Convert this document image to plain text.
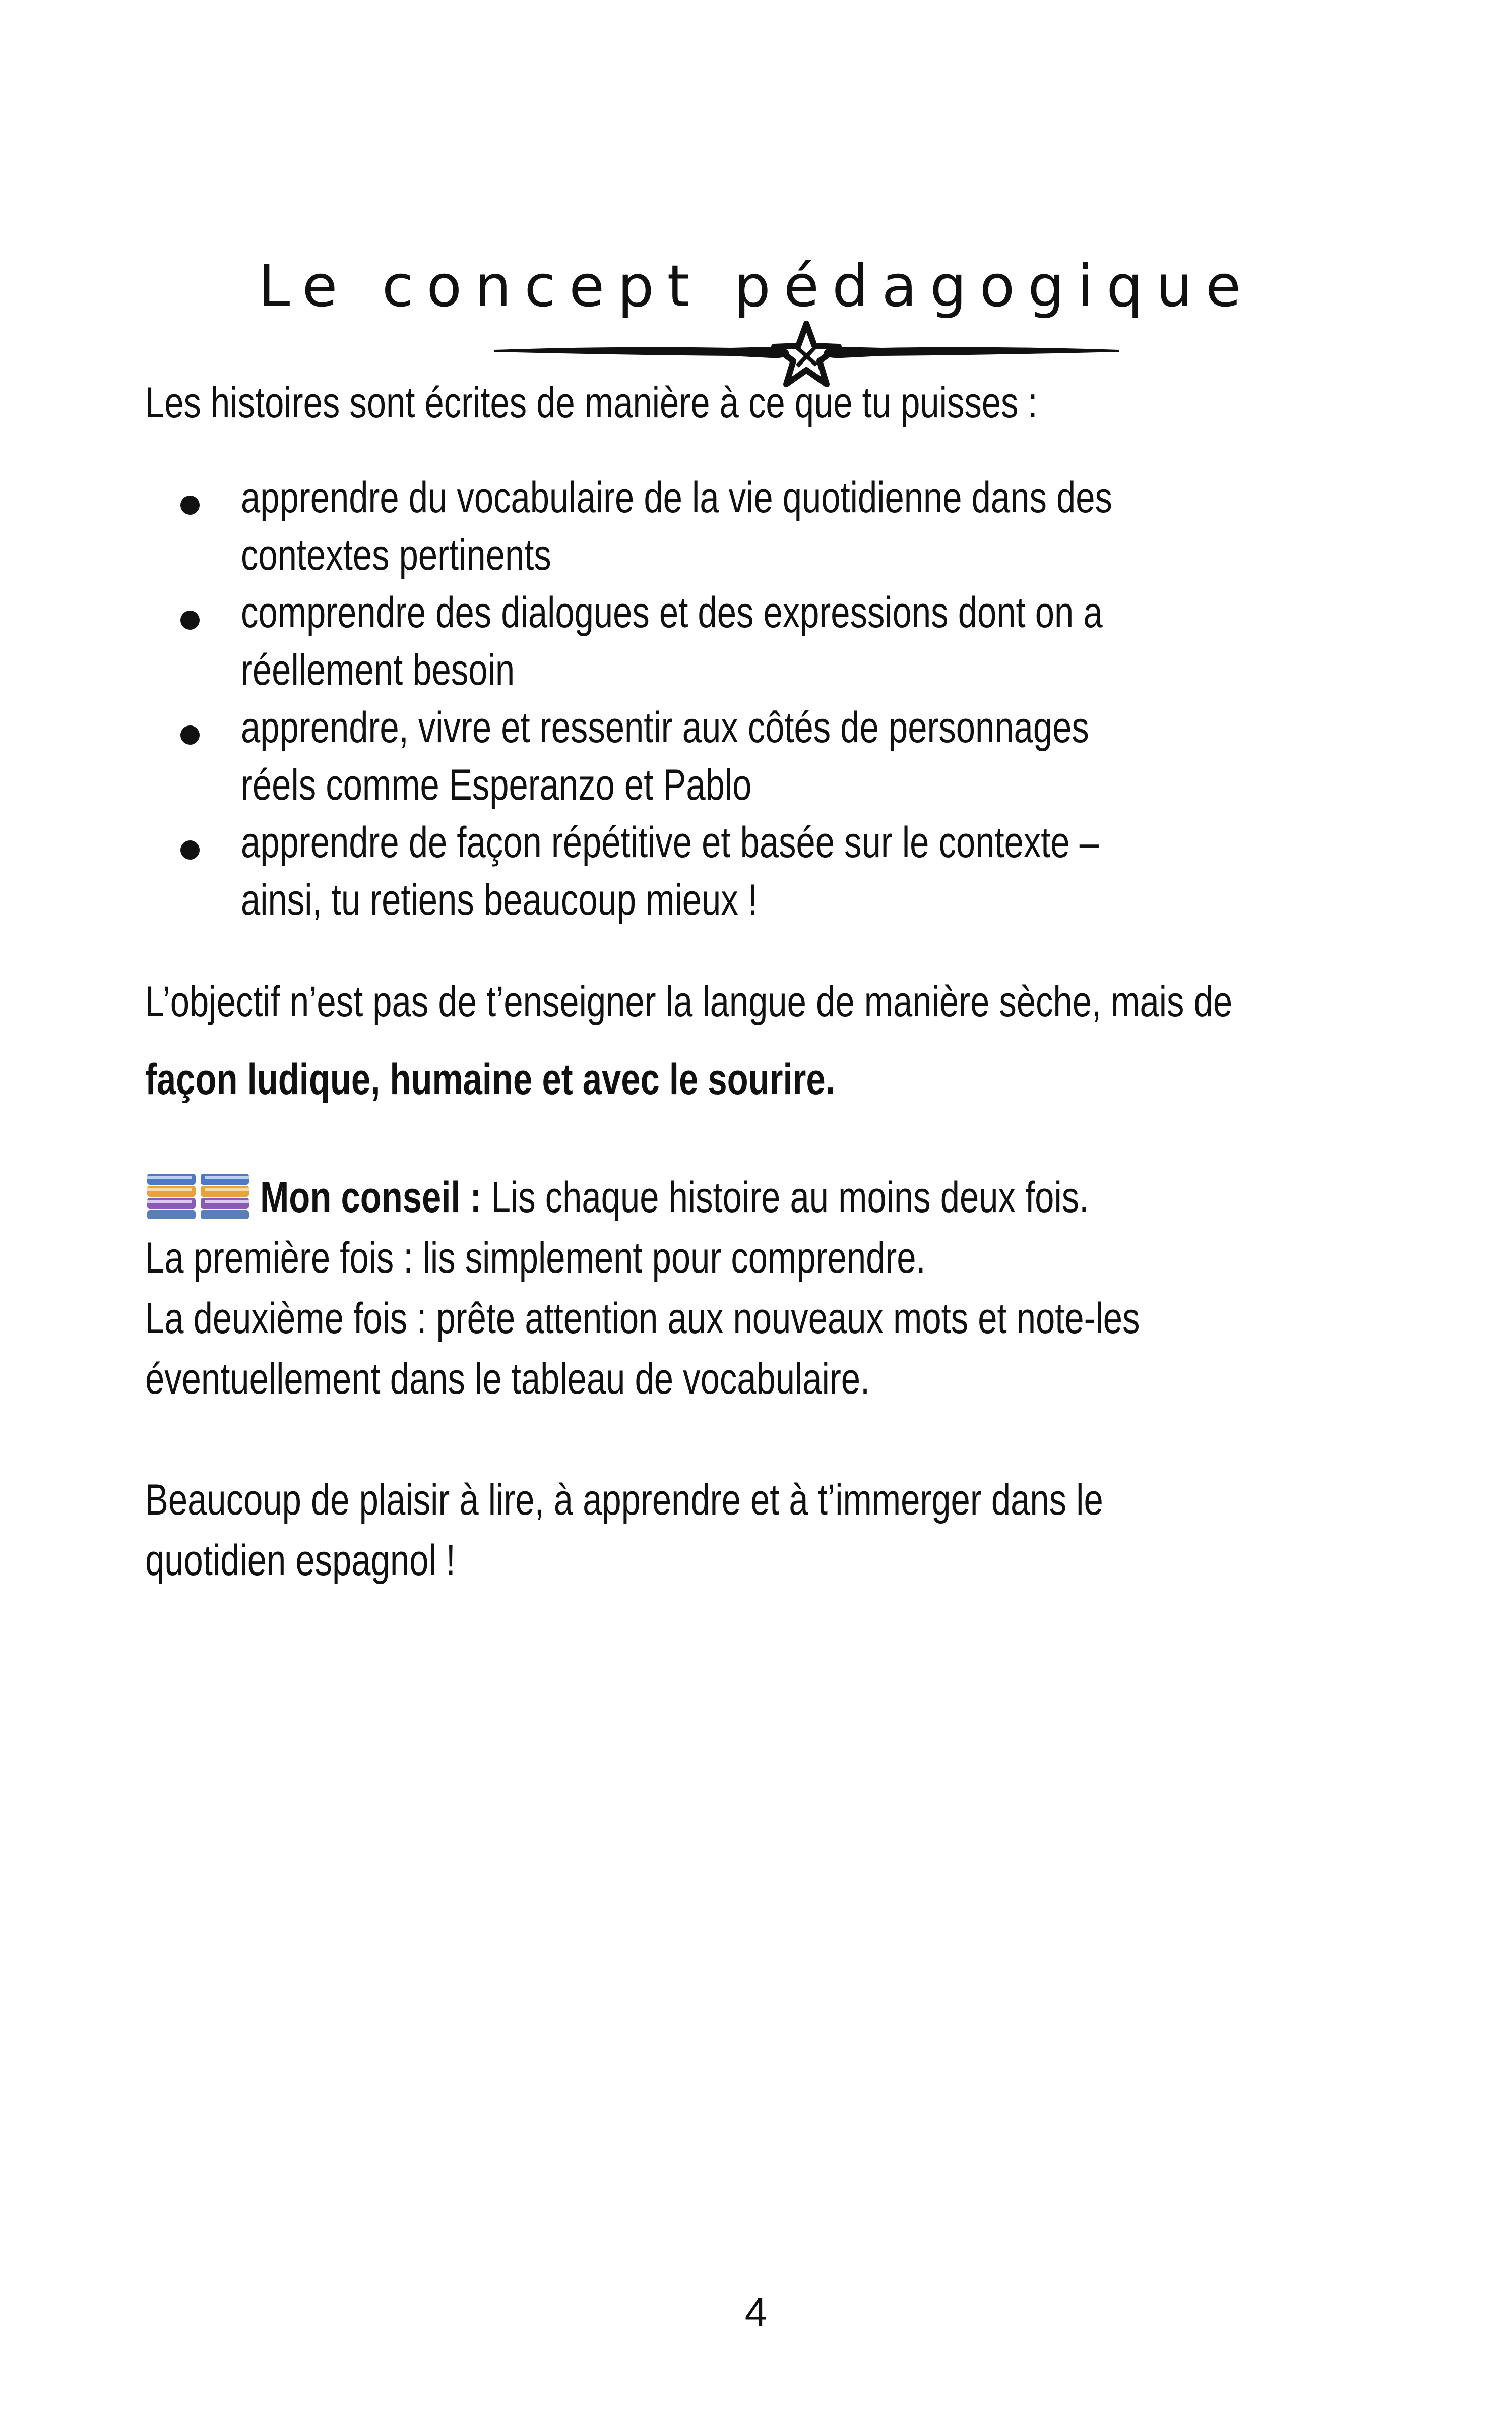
Le concept pédagogique
Les histoires sont écrites de manière à ce que tu puisses :
apprendre du vocabulaire de la vie quotidienne dans des
contextes pertinents
comprendre des dialogues et des expressions dont on a
réellement besoin
apprendre, vivre et ressentir aux côtés de personnages
réels comme Esperanzo et Pablo
apprendre de façon répétitive et basée sur le contexte –
ainsi, tu retiens beaucoup mieux !
L’objectif n’est pas de t’enseigner la langue de manière sèche, mais de
façon ludique, humaine et avec le sourire.
Mon conseil : Lis chaque histoire au moins deux fois.
La première fois : lis simplement pour comprendre.
La deuxième fois : prête attention aux nouveaux mots et note-les
éventuellement dans le tableau de vocabulaire.
Beaucoup de plaisir à lire, à apprendre et à t’immerger dans le
quotidien espagnol !
4
